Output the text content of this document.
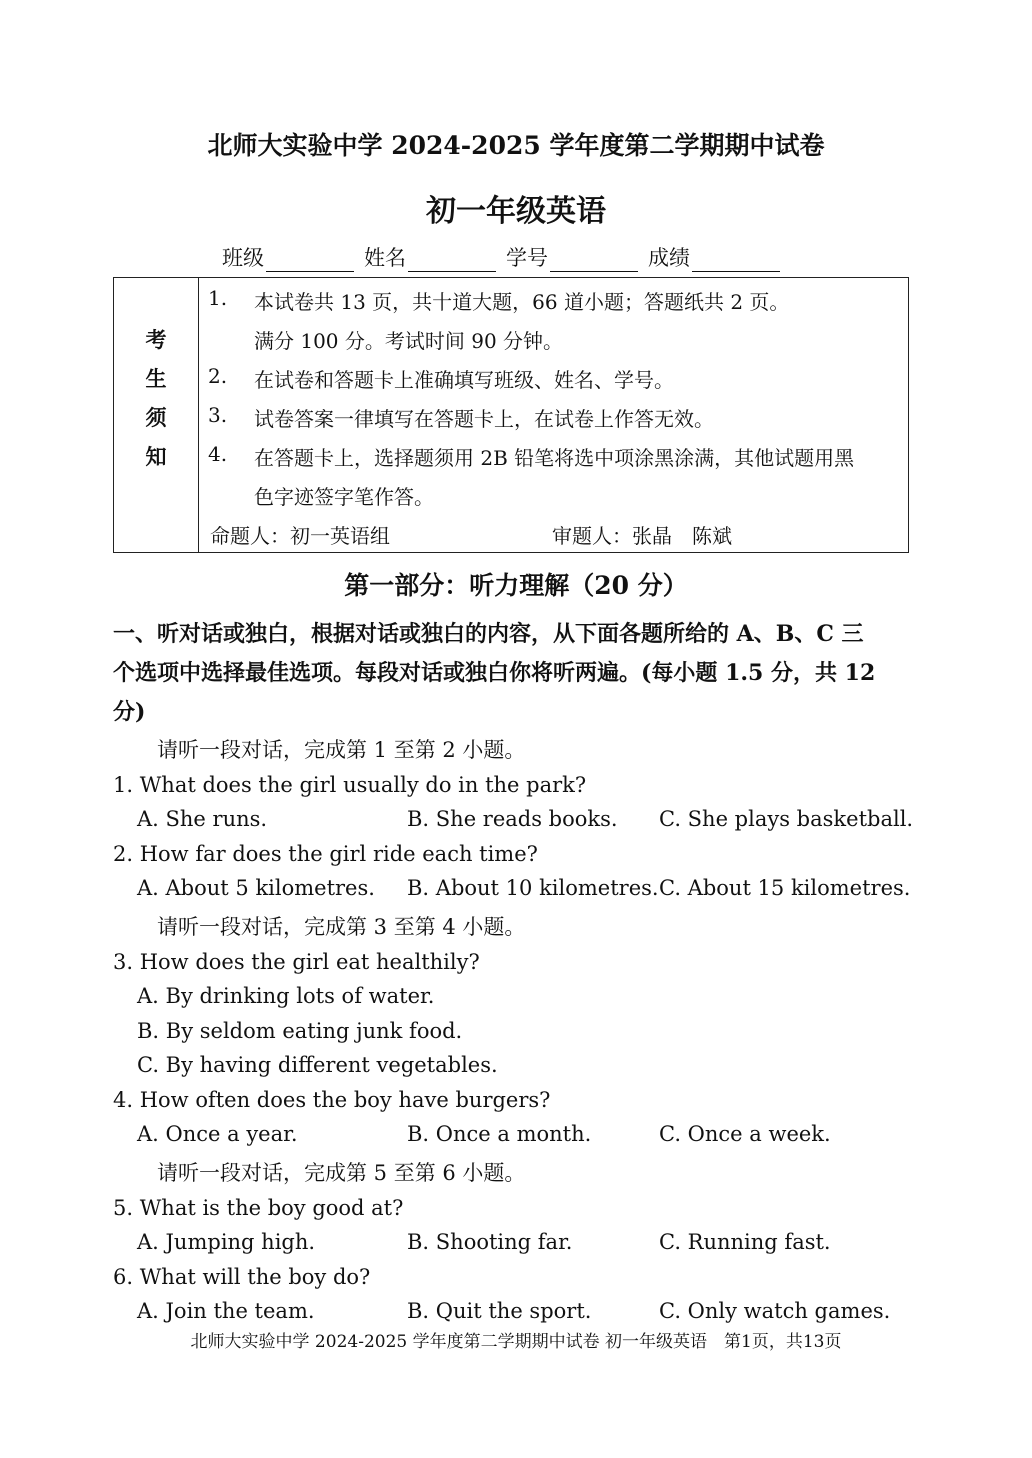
北师大实验中学 2024-2025 学年度第二学期期中试卷
初一年级英语
班级	姓名	学号	成绩
考
生
须
知
1. 本试卷共 13 页，共十道大题，66 道小题；答题纸共 2 页。
满分 100 分。考试时间 90 分钟。
2. 在试卷和答题卡上准确填写班级、姓名、学号。
3. 试卷答案一律填写在答题卡上，在试卷上作答无效。
4. 在答题卡上，选择题须用 2B 铅笔将选中项涂黑涂满，其他试题用黑
色字迹签字笔作答。
命题人：初一英语组	审题人：张晶　陈斌
第一部分：听力理解（20 分）
一、听对话或独白，根据对话或独白的内容，从下面各题所给的 A、B、C 三
个选项中选择最佳选项。每段对话或独白你将听两遍。(每小题 1.5 分，共 12
分)
请听一段对话，完成第 1 至第 2 小题。
1. What does the girl usually do in the park?
A. She runs.	B. She reads books. C. She plays basketball.
2. How far does the girl ride each time?
A. About 5 kilometres. B. About 10 kilometres. C. About 15 kilometres.
请听一段对话，完成第 3 至第 4 小题。
3. How does the girl eat healthily?
A. By drinking lots of water.
B. By seldom eating junk food.
C. By having different vegetables.
4. How often does the boy have burgers?
A. Once a year.	B. Once a month.	C. Once a week.
请听一段对话，完成第 5 至第 6 小题。
5. What is the boy good at?
A. Jumping high.	B. Shooting far.	C. Running fast.
6. What will the boy do?
A. Join the team.	B. Quit the sport.	C. Only watch games.
北师大实验中学 2024-2025 学年度第二学期期中试卷 初一年级英语　第1页，共13页
